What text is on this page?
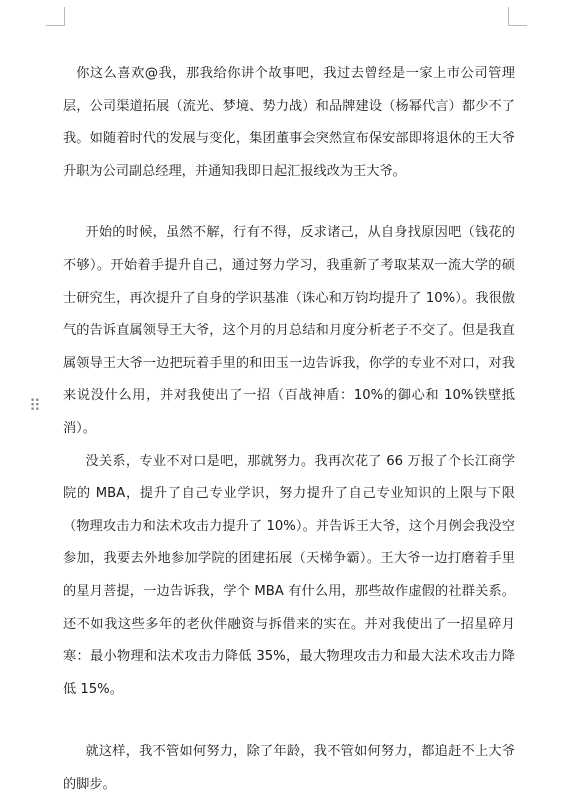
⠿

你这么喜欢@我，那我给你讲个故事吧，我过去曾经是一家上市公司管理层，公司渠道拓展（流光、梦境、势力战）和品牌建设（杨幂代言）都少不了我。如随着时代的发展与变化，集团董事会突然宣布保安部即将退休的王大爷升职为公司副总经理，并通知我即日起汇报线改为王大爷。

开始的时候，虽然不解，行有不得，反求诸己，从自身找原因吧（钱花的不够）。开始着手提升自己，通过努力学习，我重新了考取某双一流大学的硕士研究生，再次提升了自身的学识基准（诛心和万钧均提升了 10%）。我很傲气的告诉直属领导王大爷，这个月的月总结和月度分析老子不交了。但是我直属领导王大爷一边把玩着手里的和田玉一边告诉我，你学的专业不对口，对我来说没什么用，并对我使出了一招（百战神盾：10%的御心和 10%铁壁抵消）。

没关系，专业不对口是吧，那就努力。我再次花了 66 万报了个长江商学院的 MBA，提升了自己专业学识，努力提升了自己专业知识的上限与下限（物理攻击力和法术攻击力提升了 10%）。并告诉王大爷，这个月例会我没空参加，我要去外地参加学院的团建拓展（天梯争霸）。王大爷一边打磨着手里的星月菩提，一边告诉我，学个 MBA 有什么用，那些故作虚假的社群关系。还不如我这些多年的老伙伴融资与拆借来的实在。并对我使出了一招星碎月寒：最小物理和法术攻击力降低 35%，最大物理攻击力和最大法术攻击力降低 15%。

就这样，我不管如何努力，除了年龄，我不管如何努力，都追赶不上大爷的脚步。
